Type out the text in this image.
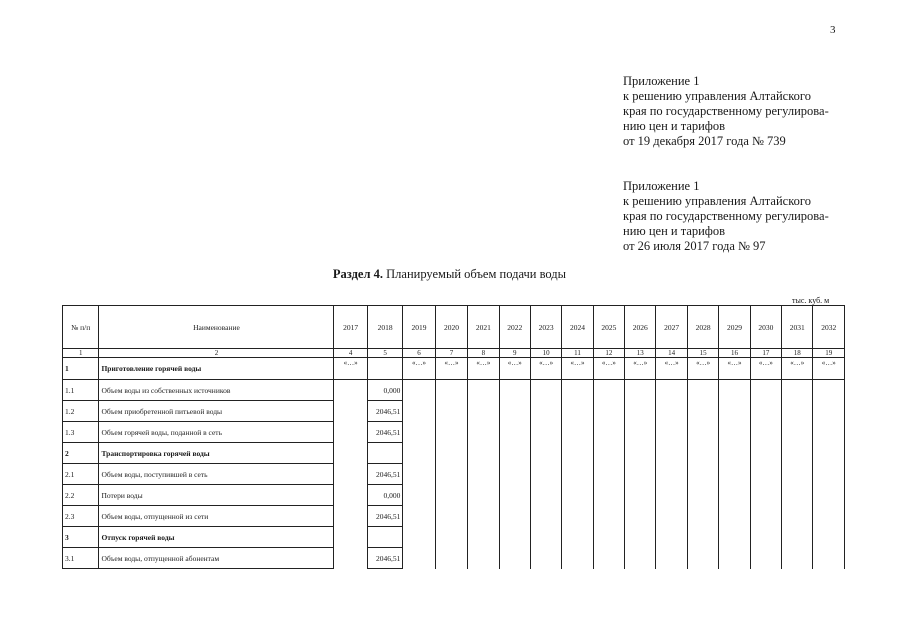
3
Приложение 1
к решению управления Алтайского
края по государственному регулирова-
нию цен и тарифов
от 19 декабря 2017 года № 739
Приложение 1
к решению управления Алтайского
края по государственному регулирова-
нию цен и тарифов
от 26 июля 2017 года № 97
Раздел 4. Планируемый объем подачи воды
тыс. куб. м
№ п/п	Наименование	2017	2018	2019	2020	2021	2022	2023	2024	2025	2026	2027	2028	2029	2030	2031	2032
1	2	4	5	6	7	8	9	10	11	12	13	14	15	16	17	18	19
1	Приготовление горячей воды	«…»		«…»	«…»	«…»	«…»	«…»	«…»	«…»	«…»	«…»	«…»	«…»	«…»	«…»	«…»
1.1	Объем воды из собственных источников		0,000														
1.2	Объем приобретенной питьевой воды		2046,51														
1.3	Объем горячей воды, поданной в сеть		2046,51														
2	Транспортировка горячей воды																
2.1	Объем воды, поступившей в сеть		2046,51														
2.2	Потери воды		0,000														
2.3	Объем воды, отпущенной из сети		2046,51														
3	Отпуск горячей воды																
3.1	Объем воды, отпущенной абонентам		2046,51														
